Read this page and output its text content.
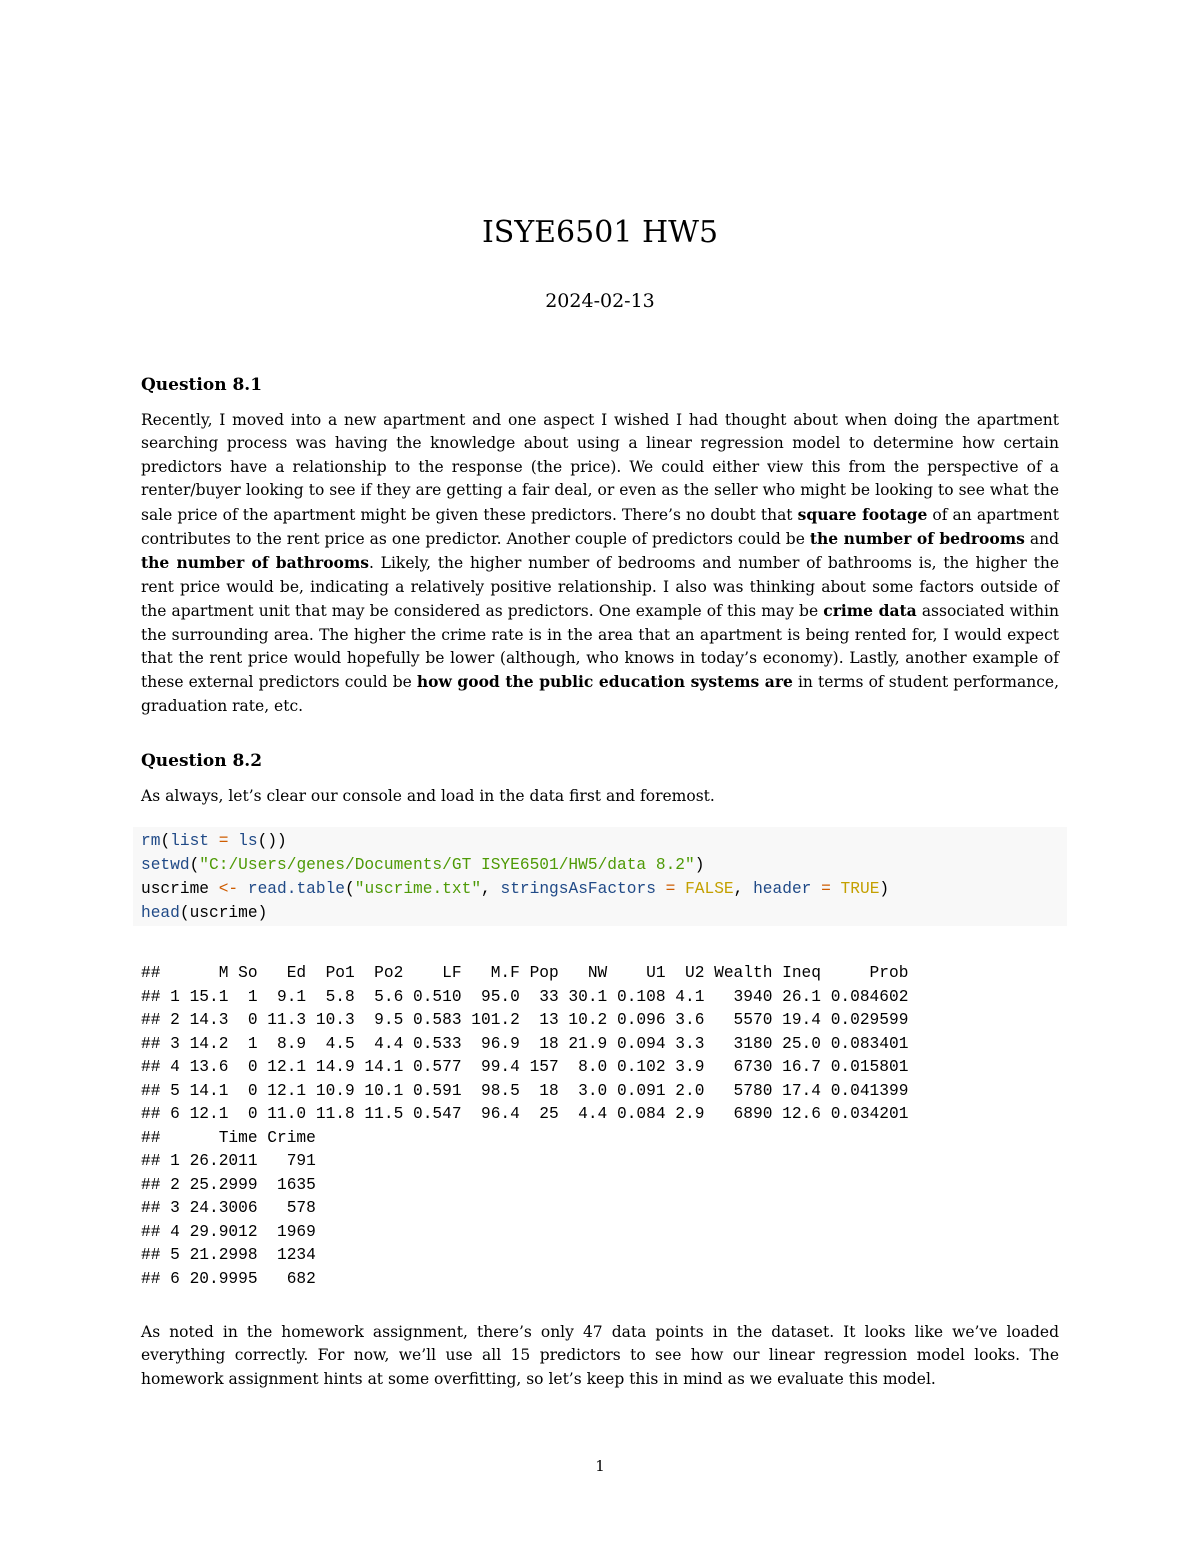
ISYE6501 HW5
2024-02-13
Question 8.1
Recently, I moved into a new apartment and one aspect I wished I had thought about when doing the apartment searching process was having the knowledge about using a linear regression model to determine how certain predictors have a relationship to the response (the price). We could either view this from the perspective of a renter/buyer looking to see if they are getting a fair deal, or even as the seller who might be looking to see what the sale price of the apartment might be given these predictors. There’s no doubt that square footage of an apartment contributes to the rent price as one predictor. Another couple of predictors could be the number of bedrooms and the number of bathrooms. Likely, the higher number of bedrooms and number of bathrooms is, the higher the rent price would be, indicating a relatively positive relationship. I also was thinking about some factors outside of the apartment unit that may be considered as predictors. One example of this may be crime data associated within the surrounding area. The higher the crime rate is in the area that an apartment is being rented for, I would expect that the rent price would hopefully be lower (although, who knows in today’s economy). Lastly, another example of these external predictors could be how good the public education systems are in terms of student performance, graduation rate, etc.
Question 8.2
As always, let’s clear our console and load in the data first and foremost.
rm(list = ls())
setwd("C:/Users/genes/Documents/GT ISYE6501/HW5/data 8.2")
uscrime <- read.table("uscrime.txt", stringsAsFactors = FALSE, header = TRUE)
head(uscrime)
##      M So   Ed  Po1  Po2    LF   M.F Pop   NW    U1  U2 Wealth Ineq     Prob
## 1 15.1  1  9.1  5.8  5.6 0.510  95.0  33 30.1 0.108 4.1   3940 26.1 0.084602
## 2 14.3  0 11.3 10.3  9.5 0.583 101.2  13 10.2 0.096 3.6   5570 19.4 0.029599
## 3 14.2  1  8.9  4.5  4.4 0.533  96.9  18 21.9 0.094 3.3   3180 25.0 0.083401
## 4 13.6  0 12.1 14.9 14.1 0.577  99.4 157  8.0 0.102 3.9   6730 16.7 0.015801
## 5 14.1  0 12.1 10.9 10.1 0.591  98.5  18  3.0 0.091 2.0   5780 17.4 0.041399
## 6 12.1  0 11.0 11.8 11.5 0.547  96.4  25  4.4 0.084 2.9   6890 12.6 0.034201
##      Time Crime
## 1 26.2011   791
## 2 25.2999  1635
## 3 24.3006   578
## 4 29.9012  1969
## 5 21.2998  1234
## 6 20.9995   682
As noted in the homework assignment, there’s only 47 data points in the dataset. It looks like we’ve loaded everything correctly. For now, we’ll use all 15 predictors to see how our linear regression model looks. The homework assignment hints at some overfitting, so let’s keep this in mind as we evaluate this model.
1
